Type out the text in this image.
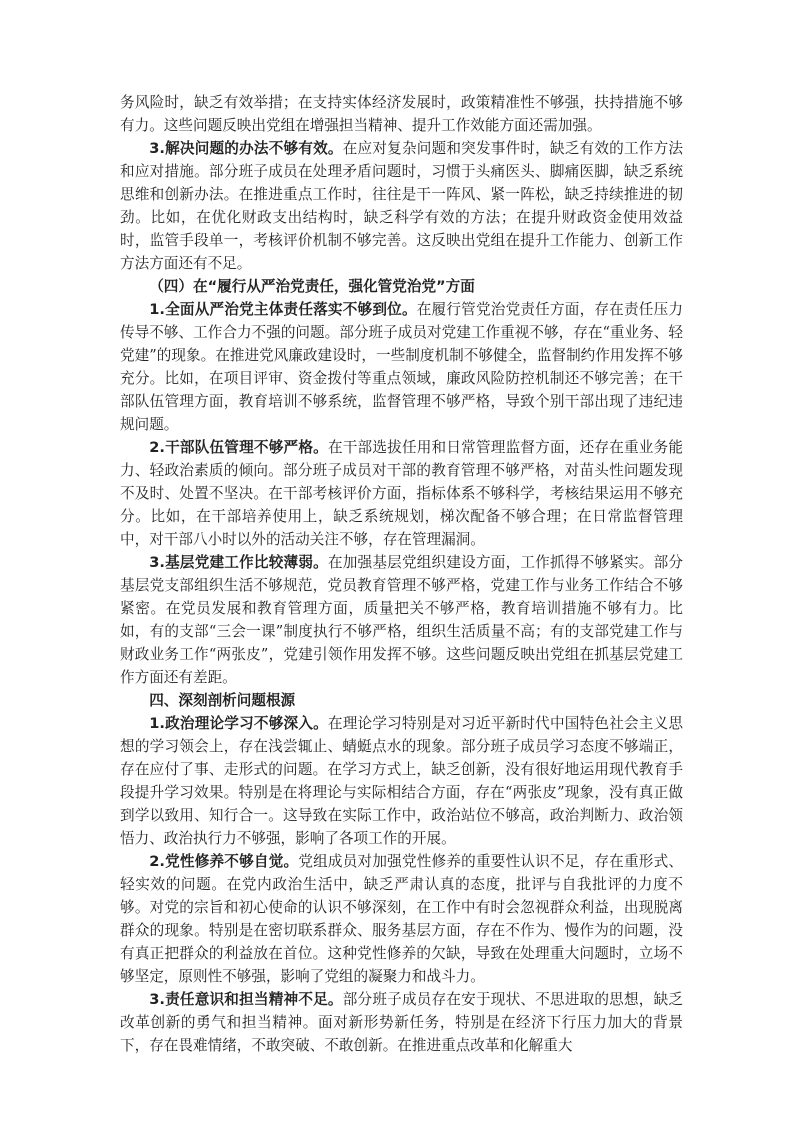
务风险时，缺乏有效举措；在支持实体经济发展时，政策精准性不够强，扶持措施不够有力。这些问题反映出党组在增强担当精神、提升工作效能方面还需加强。

3.解决问题的办法不够有效。在应对复杂问题和突发事件时，缺乏有效的工作方法和应对措施。部分班子成员在处理矛盾问题时，习惯于头痛医头、脚痛医脚，缺乏系统思维和创新办法。在推进重点工作时，往往是干一阵风、紧一阵松，缺乏持续推进的韧劲。比如，在优化财政支出结构时，缺乏科学有效的方法；在提升财政资金使用效益时，监管手段单一，考核评价机制不够完善。这反映出党组在提升工作能力、创新工作方法方面还有不足。

（四）在“履行从严治党责任，强化管党治党”方面

1.全面从严治党主体责任落实不够到位。在履行管党治党责任方面，存在责任压力传导不够、工作合力不强的问题。部分班子成员对党建工作重视不够，存在“重业务、轻党建”的现象。在推进党风廉政建设时，一些制度机制不够健全，监督制约作用发挥不够充分。比如，在项目评审、资金拨付等重点领域，廉政风险防控机制还不够完善；在干部队伍管理方面，教育培训不够系统，监督管理不够严格，导致个别干部出现了违纪违规问题。

2.干部队伍管理不够严格。在干部选拔任用和日常管理监督方面，还存在重业务能力、轻政治素质的倾向。部分班子成员对干部的教育管理不够严格，对苗头性问题发现不及时、处置不坚决。在干部考核评价方面，指标体系不够科学，考核结果运用不够充分。比如，在干部培养使用上，缺乏系统规划，梯次配备不够合理；在日常监督管理中，对干部八小时以外的活动关注不够，存在管理漏洞。

3.基层党建工作比较薄弱。在加强基层党组织建设方面，工作抓得不够紧实。部分基层党支部组织生活不够规范，党员教育管理不够严格，党建工作与业务工作结合不够紧密。在党员发展和教育管理方面，质量把关不够严格，教育培训措施不够有力。比如，有的支部“三会一课”制度执行不够严格，组织生活质量不高；有的支部党建工作与财政业务工作“两张皮”，党建引领作用发挥不够。这些问题反映出党组在抓基层党建工作方面还有差距。

四、深刻剖析问题根源

1.政治理论学习不够深入。在理论学习特别是对习近平新时代中国特色社会主义思想的学习领会上，存在浅尝辄止、蜻蜓点水的现象。部分班子成员学习态度不够端正，存在应付了事、走形式的问题。在学习方式上，缺乏创新，没有很好地运用现代教育手段提升学习效果。特别是在将理论与实际相结合方面，存在“两张皮”现象，没有真正做到学以致用、知行合一。这导致在实际工作中，政治站位不够高，政治判断力、政治领悟力、政治执行力不够强，影响了各项工作的开展。

2.党性修养不够自觉。党组成员对加强党性修养的重要性认识不足，存在重形式、轻实效的问题。在党内政治生活中，缺乏严肃认真的态度，批评与自我批评的力度不够。对党的宗旨和初心使命的认识不够深刻，在工作中有时会忽视群众利益，出现脱离群众的现象。特别是在密切联系群众、服务基层方面，存在不作为、慢作为的问题，没有真正把群众的利益放在首位。这种党性修养的欠缺，导致在处理重大问题时，立场不够坚定，原则性不够强，影响了党组的凝聚力和战斗力。

3.责任意识和担当精神不足。部分班子成员存在安于现状、不思进取的思想，缺乏改革创新的勇气和担当精神。面对新形势新任务，特别是在经济下行压力加大的背景下，存在畏难情绪，不敢突破、不敢创新。在推进重点改革和化解重大
